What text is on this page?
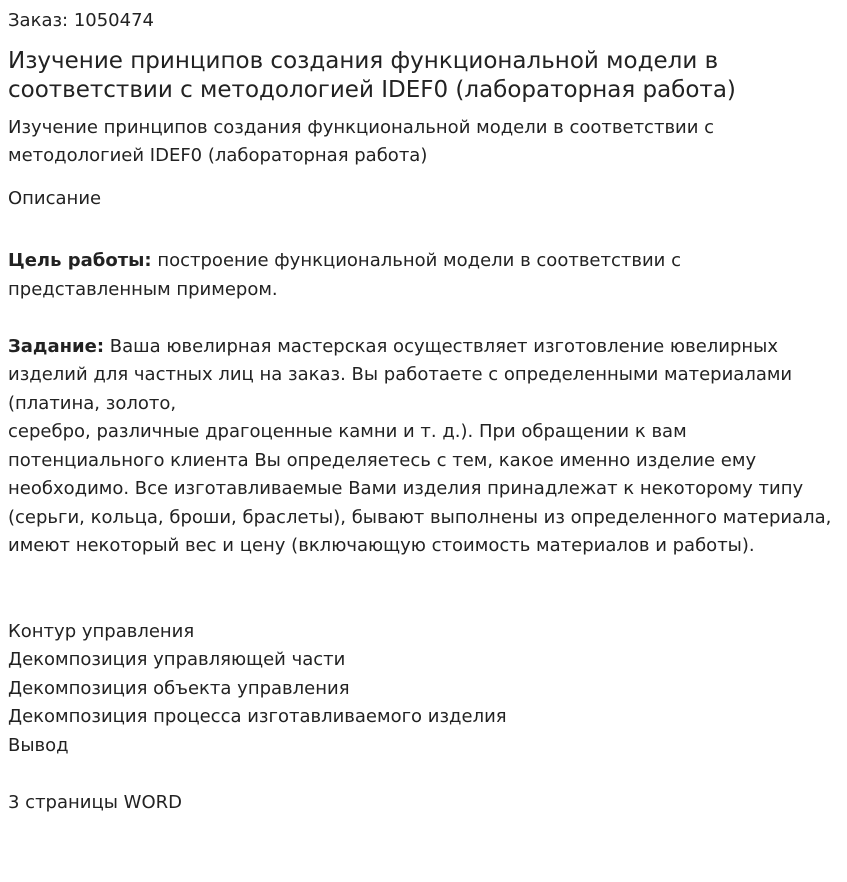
Заказ: 1050474
Изучение принципов создания функциональной модели в соответствии с методологией IDEF0 (лабораторная работа)
Изучение принципов создания функциональной модели в соответствии с методологией IDEF0 (лабораторная работа)
Описание

Цель работы: построение функциональной модели в соответствии с представленным примером.

Задание: Ваша ювелирная мастерская осуществляет изготовление ювелирных изделий для частных лиц на заказ. Вы работаете с определенными материалами (платина, золото,

серебро, различные драгоценные камни и т. д.). При обращении к вам потенциального клиента Вы определяетесь с тем, какое именно изделие ему необходимо. Все изготавливаемые Вами изделия принадлежат к некоторому типу (серьги, кольца, броши, браслеты), бывают выполнены из определенного материала, имеют некоторый вес и цену (включающую стоимость материалов и работы).

Контур управления
Декомпозиция управляющей части
Декомпозиция объекта управления
Декомпозиция процесса изготавливаемого изделия
Вывод
3 страницы WORD
